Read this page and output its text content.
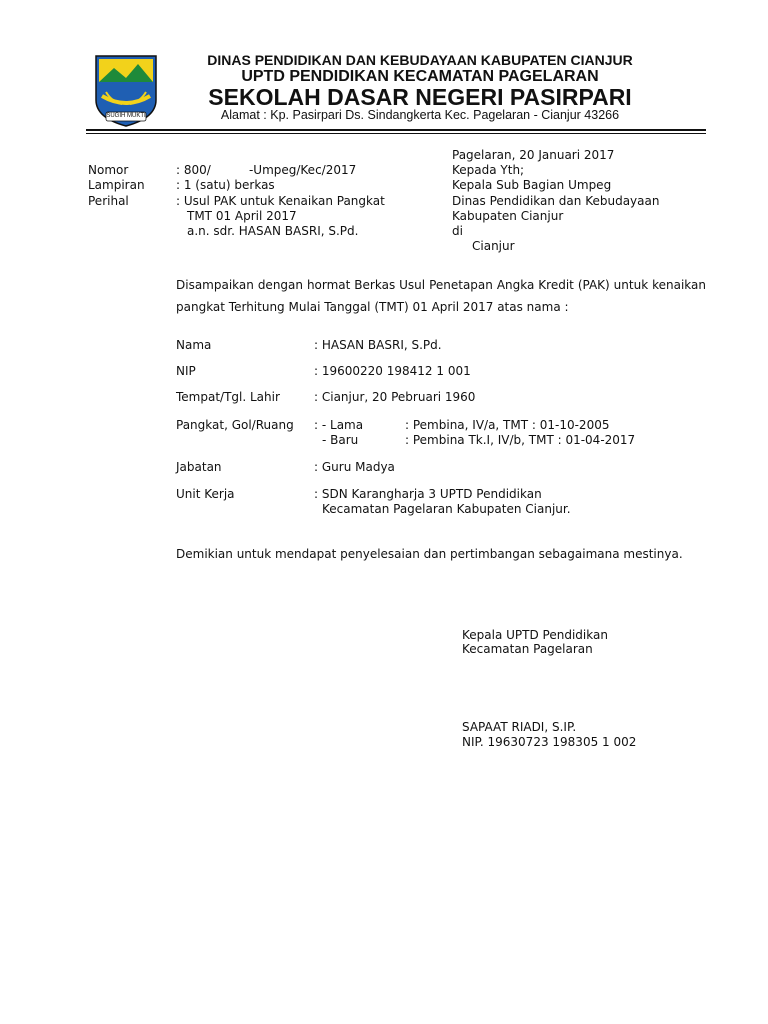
SUGIH MUKTI
DINAS PENDIDIKAN DAN KEBUDAYAAN KABUPATEN CIANJUR
UPTD PENDIDIKAN KECAMATAN PAGELARAN
SEKOLAH DASAR NEGERI PASIRPARI
Alamat : Kp. Pasirpari Ds. Sindangkerta Kec. Pagelaran - Cianjur 43266
Nomor	: 800/          -Umpeg/Kec/2017
Lampiran	: 1 (satu) berkas
Perihal	: Usul PAK untuk Kenaikan Pangkat
TMT 01 April 2017
a.n. sdr. HASAN BASRI, S.Pd.
Pagelaran, 20 Januari 2017
Kepada Yth;
Kepala Sub Bagian Umpeg
Dinas Pendidikan dan Kebudayaan
Kabupaten Cianjur
di
Cianjur
Disampaikan dengan hormat Berkas Usul Penetapan Angka Kredit (PAK) untuk kenaikan pangkat Terhitung Mulai Tanggal (TMT) 01 April 2017 atas nama :
Nama	: HASAN BASRI, S.Pd.
NIP	: 19600220 198412 1 001
Tempat/Tgl. Lahir	: Cianjur, 20 Pebruari 1960
Pangkat, Gol/Ruang : - Lama	: Pembina, IV/a, TMT : 01-10-2005
- Baru	: Pembina Tk.I, IV/b, TMT : 01-04-2017
Jabatan	: Guru Madya
Unit Kerja	: SDN Karangharja 3 UPTD Pendidikan
Kecamatan Pagelaran Kabupaten Cianjur.
Demikian untuk mendapat penyelesaian dan pertimbangan sebagaimana mestinya.
Kepala UPTD Pendidikan
Kecamatan Pagelaran
SAPAAT RIADI, S.IP.
NIP. 19630723 198305 1 002
